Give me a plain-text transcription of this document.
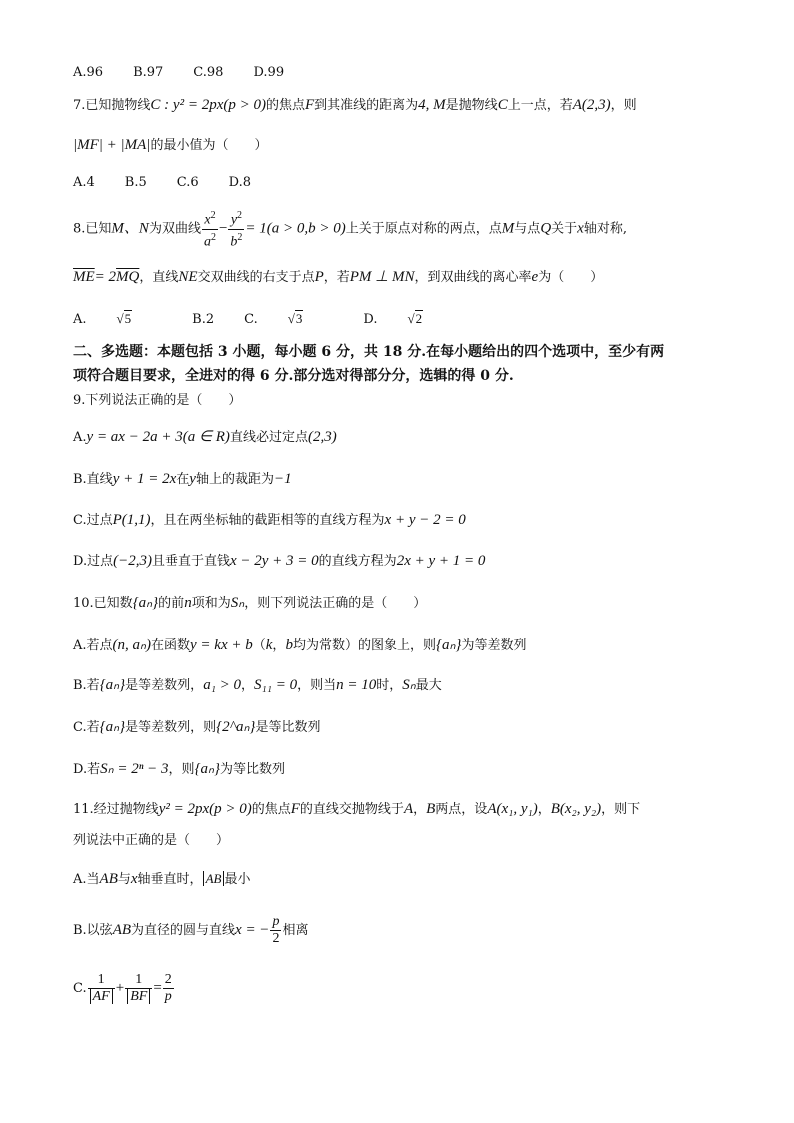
A.96 B.97 C.98 D.99
7.已知抛物线C : y² = 2px(p > 0)的焦点F到其准线的距离为4, M是抛物线C上一点，若A(2,3)，则
|MF| + |MA|的最小值为（　　）
A.4 B.5 C.6 D.8
8.已知M、N为双曲线 $\frac{x^2}{a^2} - \frac{y^2}{b^2} = 1(a > 0,b > 0)$上关于原点对称的两点，点M与点Q关于x轴对称,
$\overline{ME}= 2\overline{MQ}$，直线NE交双曲线的右支于点P，若PM ⊥ MN，到双曲线的离心率e为（　　）
A. √5	B.2 C. √3	D. √2
二、多选题：本题包括 3 小题，每小题 6 分，共 18 分.在每小题给出的四个选项中，至少有两
项符合题目要求，全进对的得 6 分.部分选对得部分分，选辑的得 0 分.
9.下列说法正确的是（　　）
A.y = ax − 2a + 3(a ∈ R)直线必过定点(2,3)
B.直线y + 1 = 2x在y轴上的裁距为−1
C.过点P(1,1)，且在两坐标轴的截距相等的直线方程为x + y − 2 = 0
D.过点(−2,3)且垂直于直钱x − 2y + 3 = 0的直线方程为2x + y + 1 = 0
10.已知数{aₙ}的前n项和为Sₙ，则下列说法正确的是（　　）
A.若点(n, aₙ)在函数y = kx + b（k，b均为常数）的图象上，则{aₙ}为等差数列
B.若{aₙ}是等差数列，a₁ > 0，S₁₁ = 0，则当n = 10时，Sₙ最大
C.若{aₙ}是等差数列，则{2^aₙ}是等比数列
D.若Sₙ = 2ⁿ − 3，则{aₙ}为等比数列
11.经过抛物线y² = 2px(p > 0)的焦点F的直线交抛物线于A，B两点，设A(x₁, y₁)，B(x₂, y₂)，则下
列说法中正确的是（　　）
A.当AB与x轴垂直时， AB 最小
B.以弦AB为直径的圆与直线x = − $\frac{p}{2}$ 相离
C. $\frac{1}{AF} + \frac{1}{BF} = \frac{2}{p}$
